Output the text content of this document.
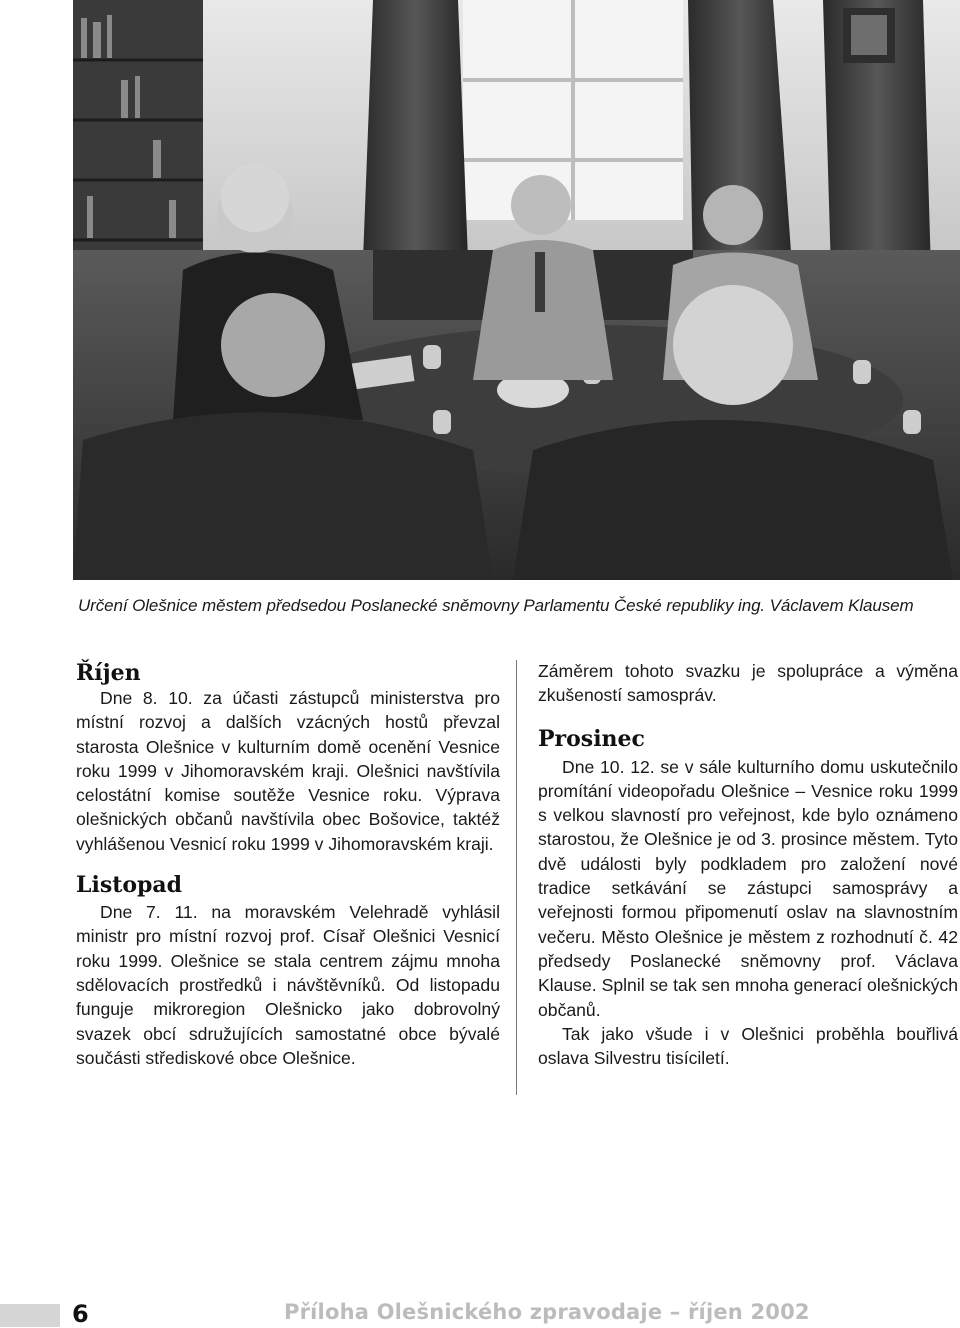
Určení Olešnice městem předsedou Poslanecké sněmovny Parlamentu České republiky ing. Václavem Klausem
Říjen

Dne 8. 10. za účasti zástupců ministerstva pro místní rozvoj a dalších vzácných hostů převzal starosta Olešnice v kulturním domě ocenění Vesnice roku 1999 v Jihomoravském kraji. Olešnici navštívila celostátní komise soutěže Vesnice roku. Výprava olešnických občanů navštívila obec Bošovice, taktéž vyhlášenou Vesnicí roku 1999 v Jihomoravském kraji.

Listopad

Dne 7. 11. na moravském Velehradě vyhlásil ministr pro místní rozvoj prof. Císař Olešnici Vesnicí roku 1999. Olešnice se stala centrem zájmu mnoha sdělovacích prostředků i návštěvníků. Od listopadu funguje mikroregion Olešnicko jako dobrovolný svazek obcí sdružujících samostatné obce bývalé součásti střediskové obce Olešnice.

Záměrem tohoto svazku je spolupráce a výměna zkušeností samospráv.

Prosinec

Dne 10. 12. se v sále kulturního domu uskutečnilo promítání videopořadu Olešnice – Vesnice roku 1999 s velkou slavností pro veřejnost, kde bylo oznámeno starostou, že Olešnice je od 3. prosince městem. Tyto dvě události byly podkladem pro založení nové tradice setkávání se zástupci samosprávy a veřejnosti formou připomenutí oslav na slavnostním večeru. Město Olešnice je městem z rozhodnutí č. 42 předsedy Poslanecké sněmovny prof. Václava Klause. Splnil se tak sen mnoha generací olešnických občanů.

Tak jako všude i v Olešnici proběhla bouřlivá oslava Silvestru tisíciletí.

6	Příloha Olešnického zpravodaje – říjen 2002
